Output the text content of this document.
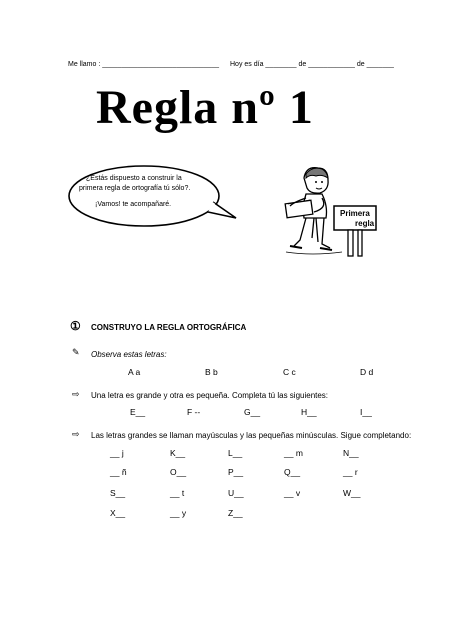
Me llamo : ______________________________ Hoy es día ________ de ____________ de _______
Regla nº 1
¿Estás dispuesto a construir la
primera regla de ortografía tú sólo?.
¡Vamos! te acompañaré.
Primera
regla
① CONSTRUYO LA REGLA ORTOGRÁFICA
✎ Observa estas letras:
A a	B b	C c	D d
⇨ Una letra es grande y otra es pequeña. Completa tú las siguientes:
E__	F --	G__	H__	I__
⇨ Las letras grandes se llaman mayúsculas y las pequeñas minúsculas. Sigue completando:
__ j	K__	L__	__ m	N__
__ ñ	O__	P__	Q__	__ r
S__	__ t	U__	__ v	W__
X__	__ y	Z__
